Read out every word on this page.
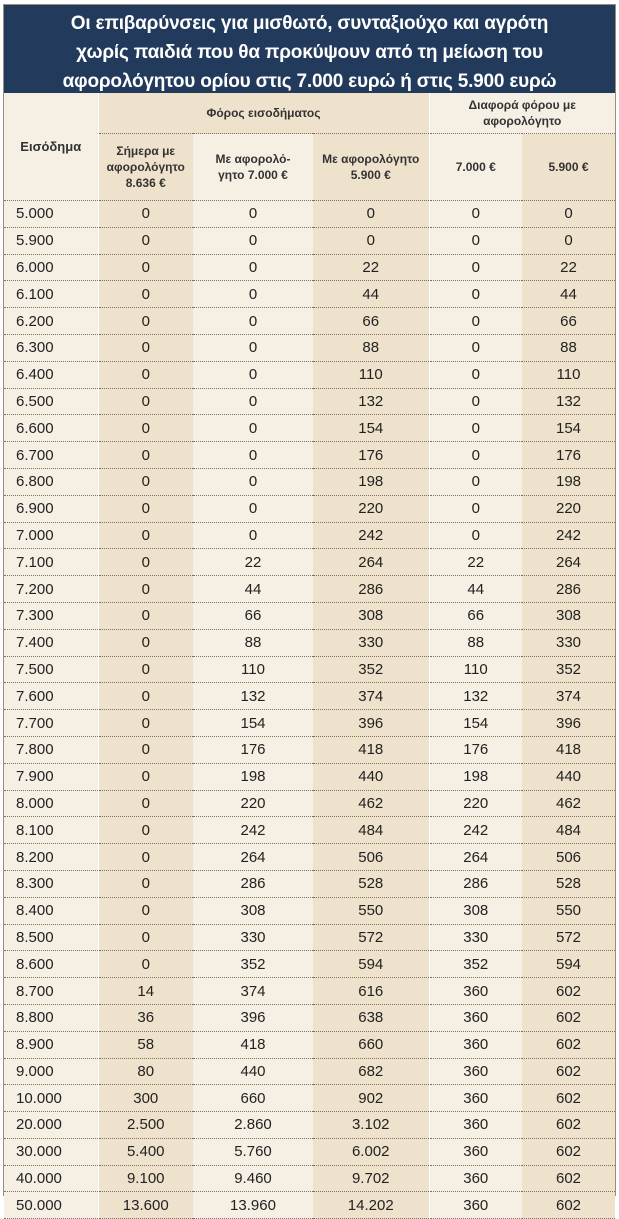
Οι επιβαρύνσεις για μισθωτό, συνταξιούχο και αγρότη
χωρίς παιδιά που θα προκύψουν από τη μείωση του
αφορολόγητου ορίου στις 7.000 ευρώ ή στις 5.900 ευρώ
Εισόδημα	Φόρος εισοδήματος			Διαφορά φόρου με αφορολόγητο	
	Σήμερα με αφορολόγητο 8.636 €	Με αφορολό-γητο 7.000 €	Με αφορολόγητο 5.900 €	7.000 €	5.900 €
5.000	0	0	0	0	0
5.900	0	0	0	0	0
6.000	0	0	22	0	22
6.100	0	0	44	0	44
6.200	0	0	66	0	66
6.300	0	0	88	0	88
6.400	0	0	110	0	110
6.500	0	0	132	0	132
6.600	0	0	154	0	154
6.700	0	0	176	0	176
6.800	0	0	198	0	198
6.900	0	0	220	0	220
7.000	0	0	242	0	242
7.100	0	22	264	22	264
7.200	0	44	286	44	286
7.300	0	66	308	66	308
7.400	0	88	330	88	330
7.500	0	110	352	110	352
7.600	0	132	374	132	374
7.700	0	154	396	154	396
7.800	0	176	418	176	418
7.900	0	198	440	198	440
8.000	0	220	462	220	462
8.100	0	242	484	242	484
8.200	0	264	506	264	506
8.300	0	286	528	286	528
8.400	0	308	550	308	550
8.500	0	330	572	330	572
8.600	0	352	594	352	594
8.700	14	374	616	360	602
8.800	36	396	638	360	602
8.900	58	418	660	360	602
9.000	80	440	682	360	602
10.000	300	660	902	360	602
20.000	2.500	2.860	3.102	360	602
30.000	5.400	5.760	6.002	360	602
40.000	9.100	9.460	9.702	360	602
50.000	13.600	13.960	14.202	360	602
